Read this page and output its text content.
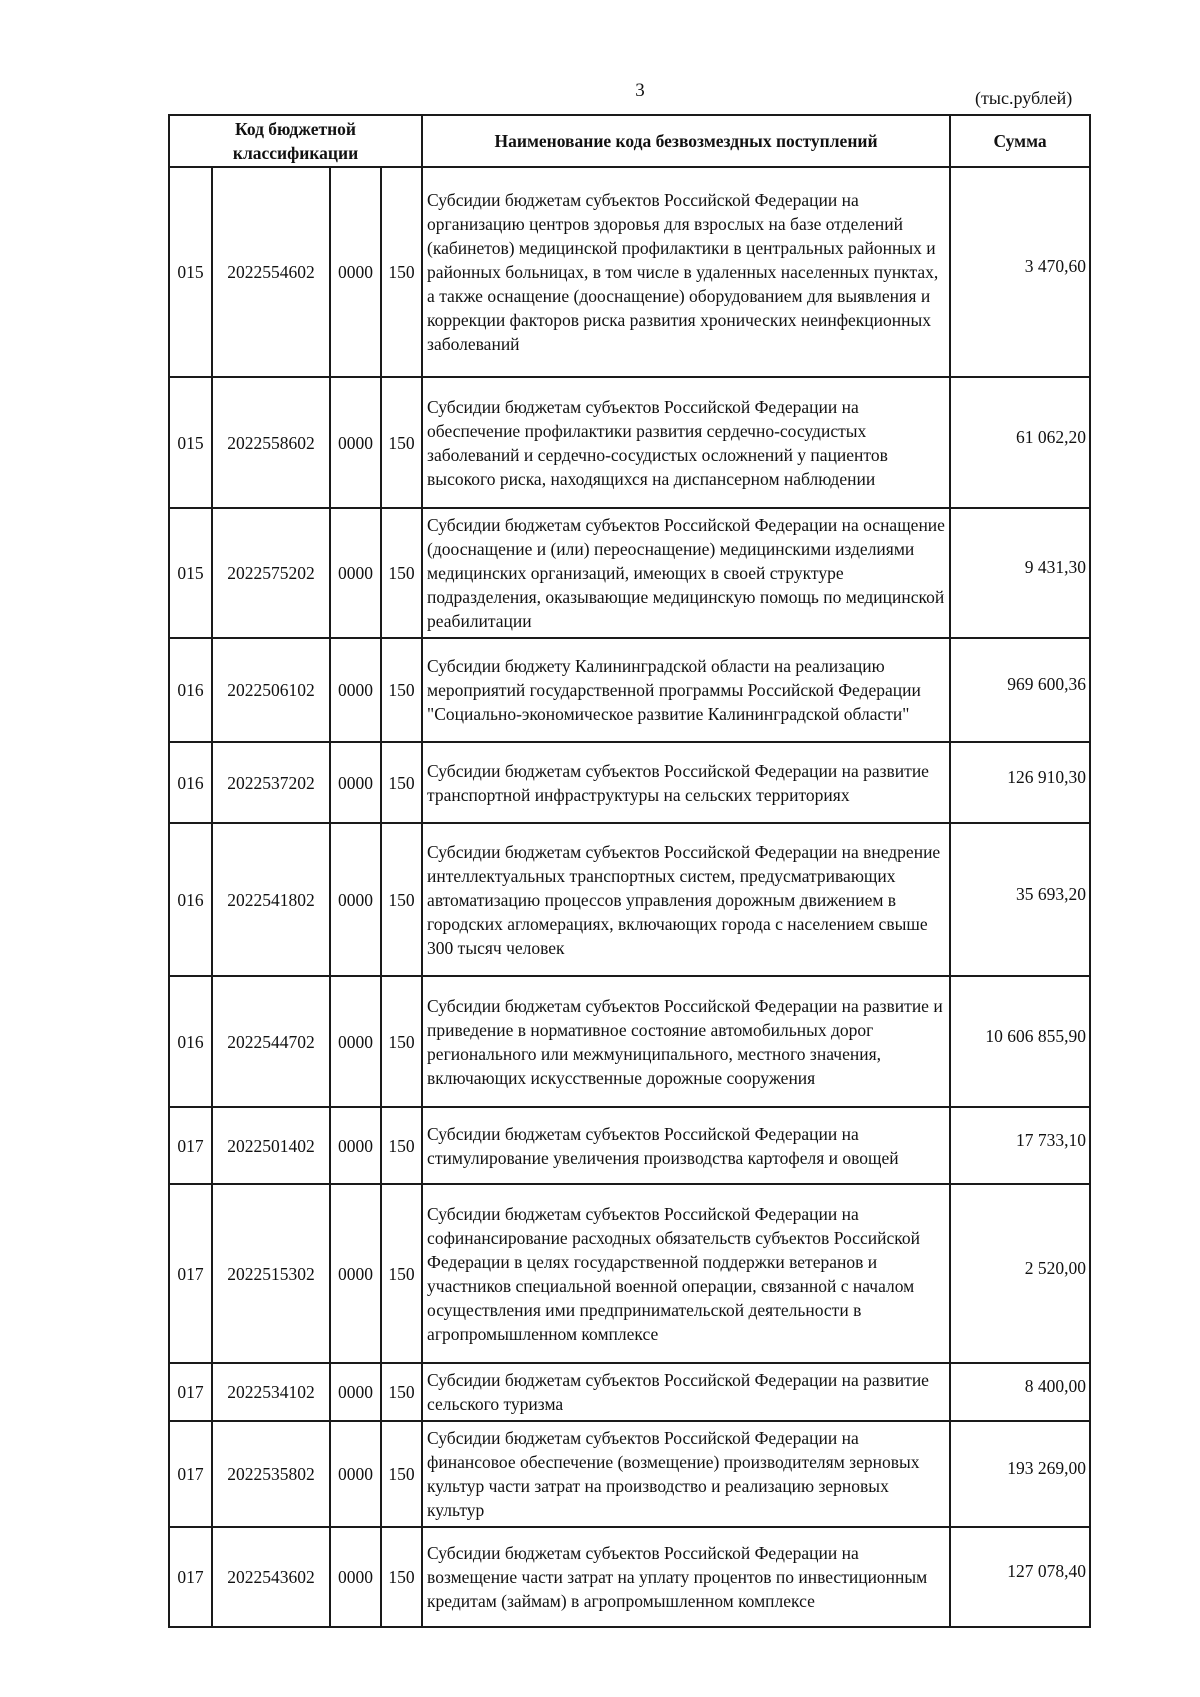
3	(тыс.рублей)
Код бюджетной классификации				Наименование кода безвозмездных поступлений	Сумма
015	2022554602	0000	150	Субсидии бюджетам субъектов Российской Федерации на организацию центров здоровья для взрослых на базе отделений (кабинетов) медицинской профилактики в центральных районных и районных больницах, в том числе в удаленных населенных пунктах, а также оснащение (дооснащение) оборудованием для выявления и коррекции факторов риска развития хронических неинфекционных заболеваний	3 470,60
015	2022558602	0000	150	Субсидии бюджетам субъектов Российской Федерации на обеспечение профилактики развития сердечно-сосудистых заболеваний и сердечно-сосудистых осложнений у пациентов высокого риска, находящихся на диспансерном наблюдении	61 062,20
015	2022575202	0000	150	Субсидии бюджетам субъектов Российской Федерации на оснащение (дооснащение и (или) переоснащение) медицинскими изделиями медицинских организаций, имеющих в своей структуре подразделения, оказывающие медицинскую помощь по медицинской реабилитации	9 431,30
016	2022506102	0000	150	Субсидии бюджету Калининградской области на реализацию мероприятий государственной программы Российской Федерации "Социально-экономическое развитие Калининградской области"	969 600,36
016	2022537202	0000	150	Субсидии бюджетам субъектов Российской Федерации на развитие транспортной инфраструктуры на сельских территориях	126 910,30
016	2022541802	0000	150	Субсидии бюджетам субъектов Российской Федерации на внедрение интеллектуальных транспортных систем, предусматривающих автоматизацию процессов управления дорожным движением в городских агломерациях, включающих города с населением свыше 300 тысяч человек	35 693,20
016	2022544702	0000	150	Субсидии бюджетам субъектов Российской Федерации на развитие и приведение в нормативное состояние автомобильных дорог регионального или межмуниципального, местного значения, включающих искусственные дорожные сооружения	10 606 855,90
017	2022501402	0000	150	Субсидии бюджетам субъектов Российской Федерации на стимулирование увеличения производства картофеля и овощей	17 733,10
017	2022515302	0000	150	Субсидии бюджетам субъектов Российской Федерации на софинансирование расходных обязательств субъектов Российской Федерации в целях государственной поддержки ветеранов и участников специальной военной операции, связанной с началом осуществления ими предпринимательской деятельности в агропромышленном комплексе	2 520,00
017	2022534102	0000	150	Субсидии бюджетам субъектов Российской Федерации на развитие сельского туризма	8 400,00
017	2022535802	0000	150	Субсидии бюджетам субъектов Российской Федерации на финансовое обеспечение (возмещение) производителям зерновых культур части затрат на производство и реализацию зерновых культур	193 269,00
017	2022543602	0000	150	Субсидии бюджетам субъектов Российской Федерации на возмещение части затрат на уплату процентов по инвестиционным кредитам (займам) в агропромышленном комплексе	127 078,40
